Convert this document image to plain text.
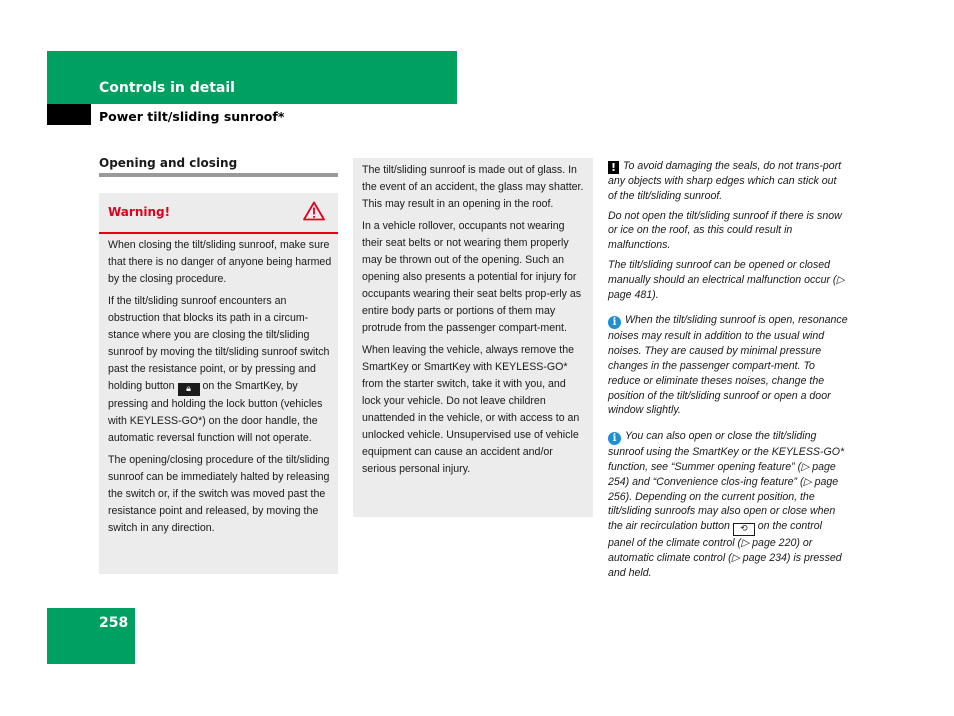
Controls in detail
Power tilt/sliding sunroof*
Opening and closing
Warning!

When closing the tilt/sliding sunroof, make sure that there is no danger of anyone being harmed by the closing procedure.

If the tilt/sliding sunroof encounters an obstruction that blocks its path in a circum-stance where you are closing the tilt/sliding sunroof by moving the tilt/sliding sunroof switch past the resistance point, or by pressing and holding button 🔒︎ on the SmartKey, by pressing and holding the lock button (vehicles with KEYLESS-GO*) on the door handle, the automatic reversal function will not operate.

The opening/closing procedure of the tilt/sliding sunroof can be immediately halted by releasing the switch or, if the switch was moved past the resistance point and released, by moving the switch in any direction.

The tilt/sliding sunroof is made out of glass. In the event of an accident, the glass may shatter. This may result in an opening in the roof.

In a vehicle rollover, occupants not wearing their seat belts or not wearing them properly may be thrown out of the opening. Such an opening also presents a potential for injury for occupants wearing their seat belts prop-erly as entire body parts or portions of them may protrude from the passenger compart-ment.

When leaving the vehicle, always remove the SmartKey or SmartKey with KEYLESS-GO* from the starter switch, take it with you, and lock your vehicle. Do not leave children unattended in the vehicle, or with access to an unlocked vehicle. Unsupervised use of vehicle equipment can cause an accident and/or serious personal injury.

! To avoid damaging the seals, do not trans-port any objects with sharp edges which can stick out of the tilt/sliding sunroof.

Do not open the tilt/sliding sunroof if there is snow or ice on the roof, as this could result in malfunctions.

The tilt/sliding sunroof can be opened or closed manually should an electrical malfunction occur (▷ page 481).

i When the tilt/sliding sunroof is open, resonance noises may result in addition to the usual wind noises. They are caused by minimal pressure changes in the passenger compart-ment. To reduce or eliminate theses noises, change the position of the tilt/sliding sunroof or open a door window slightly.

i You can also open or close the tilt/sliding sunroof using the SmartKey or the KEYLESS-GO* function, see “Summer opening feature” (▷ page 254) and “Convenience clos-ing feature” (▷ page 256). Depending on the current position, the tilt/sliding sunroofs may also open or close when the air recirculation button ⟲ on the control panel of the climate control (▷ page 220) or automatic climate control (▷ page 234) is pressed and held.

258
